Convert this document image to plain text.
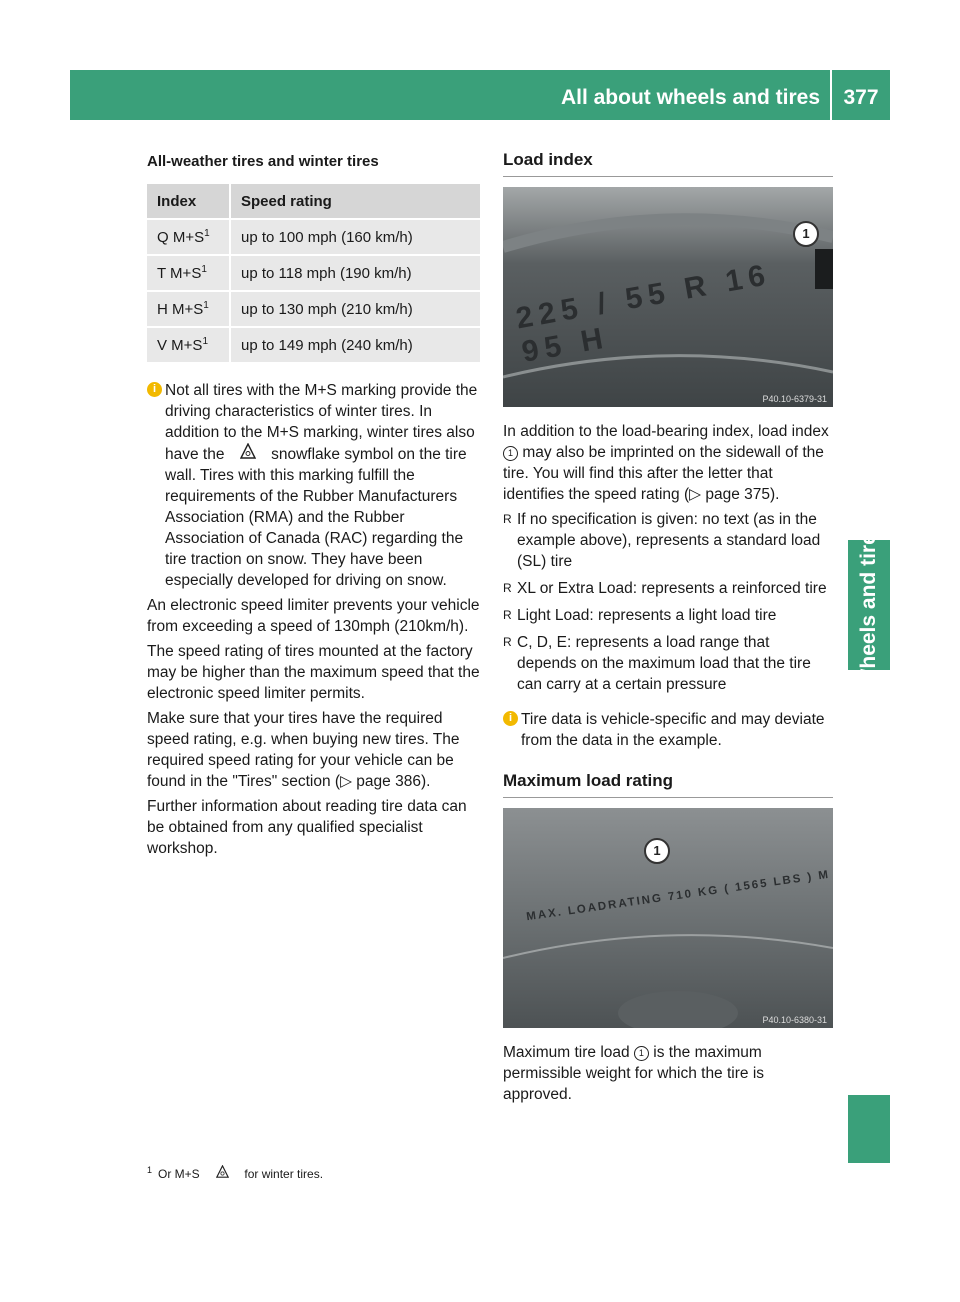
All about wheels and tires	377
Wheels and tires
All-weather tires and winter tires
Index	Speed rating
Q $M+S^1$	up to 100 mph (160 km/h)
T $M+S^1$	up to 118 mph (190 km/h)
H $M+S^1$	up to 130 mph (210 km/h)
V $M+S^1$	up to 149 mph (240 km/h)

i Not all tires with the M+S marking provide the driving characteristics of winter tires. In addition to the M+S marking, winter tires also have the	snowflake symbol on the tire wall. Tires with this marking fulfill the requirements of the Rubber Manufacturers Association (RMA) and the Rubber Association of Canada (RAC) regarding the tire traction on snow. They have been especially developed for driving on snow.

An electronic speed limiter prevents your vehicle from exceeding a speed of 130mph (210km/h).

The speed rating of tires mounted at the factory may be higher than the maximum speed that the electronic speed limiter permits.

Make sure that your tires have the required speed rating, e.g. when buying new tires. The required speed rating for your vehicle can be found in the "Tires" section (▷ page 386).

Further information about reading tire data can be obtained from any qualified specialist workshop.

Load index
225 / 55 R 16 95 H
1
P40.10-6379-31

In addition to the load-bearing index, load index 1 may also be imprinted on the sidewall of the tire. You will find this after the letter that identifies the speed rating (▷ page 375).

R If no specification is given: no text (as in the example above), represents a standard load (SL) tire
R XL or Extra Load: represents a reinforced tire
R Light Load: represents a light load tire
R C, D, E: represents a load range that depends on the maximum load that the tire can carry at a certain pressure

i Tire data is vehicle-specific and may deviate from the data in the example.

Maximum load rating
MAX. LOADRATING 710 KG ( 1565 LBS ) M
1
P40.10-6380-31

Maximum tire load 1 is the maximum permissible weight for which the tire is approved.

$^1$ Or M+S	for winter tires.
